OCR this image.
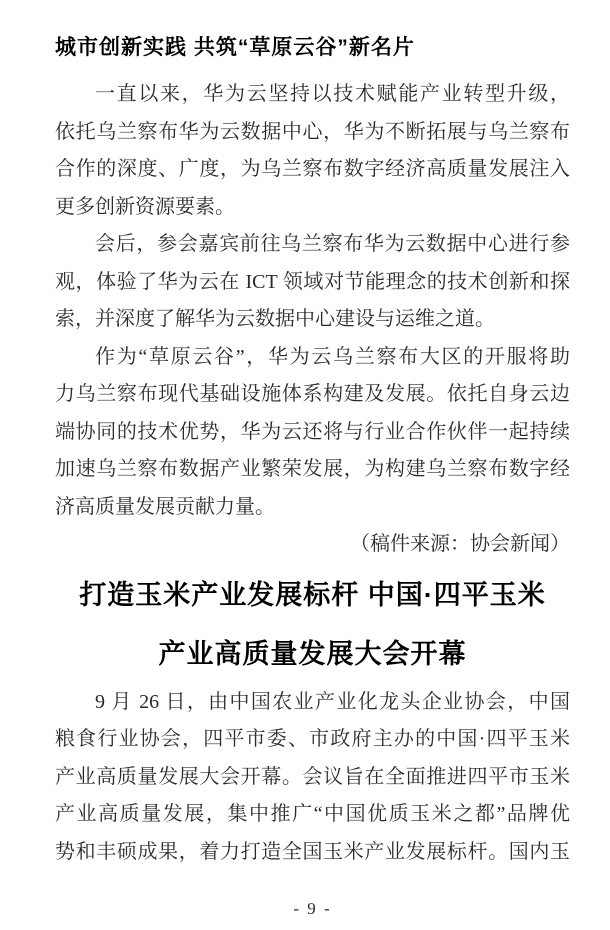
城市创新实践 共筑“草原云谷”新名片
一直以来，华为云坚持以技术赋能产业转型升级，
依托乌兰察布华为云数据中心，华为不断拓展与乌兰察布
合作的深度、广度，为乌兰察布数字经济高质量发展注入
更多创新资源要素。
会后，参会嘉宾前往乌兰察布华为云数据中心进行参
观，体验了华为云在 ICT 领域对节能理念的技术创新和探
索，并深度了解华为云数据中心建设与运维之道。
作为“草原云谷”，华为云乌兰察布大区的开服将助
力乌兰察布现代基础设施体系构建及发展。依托自身云边
端协同的技术优势，华为云还将与行业合作伙伴一起持续
加速乌兰察布数据产业繁荣发展，为构建乌兰察布数字经
济高质量发展贡献力量。
（稿件来源：协会新闻）
打造玉米产业发展标杆 中国·四平玉米
产业高质量发展大会开幕
9 月 26 日，由中国农业产业化龙头企业协会，中国
粮食行业协会，四平市委、市政府主办的中国·四平玉米
产业高质量发展大会开幕。会议旨在全面推进四平市玉米
产业高质量发展，集中推广“中国优质玉米之都”品牌优
势和丰硕成果，着力打造全国玉米产业发展标杆。国内玉
- 9 -
